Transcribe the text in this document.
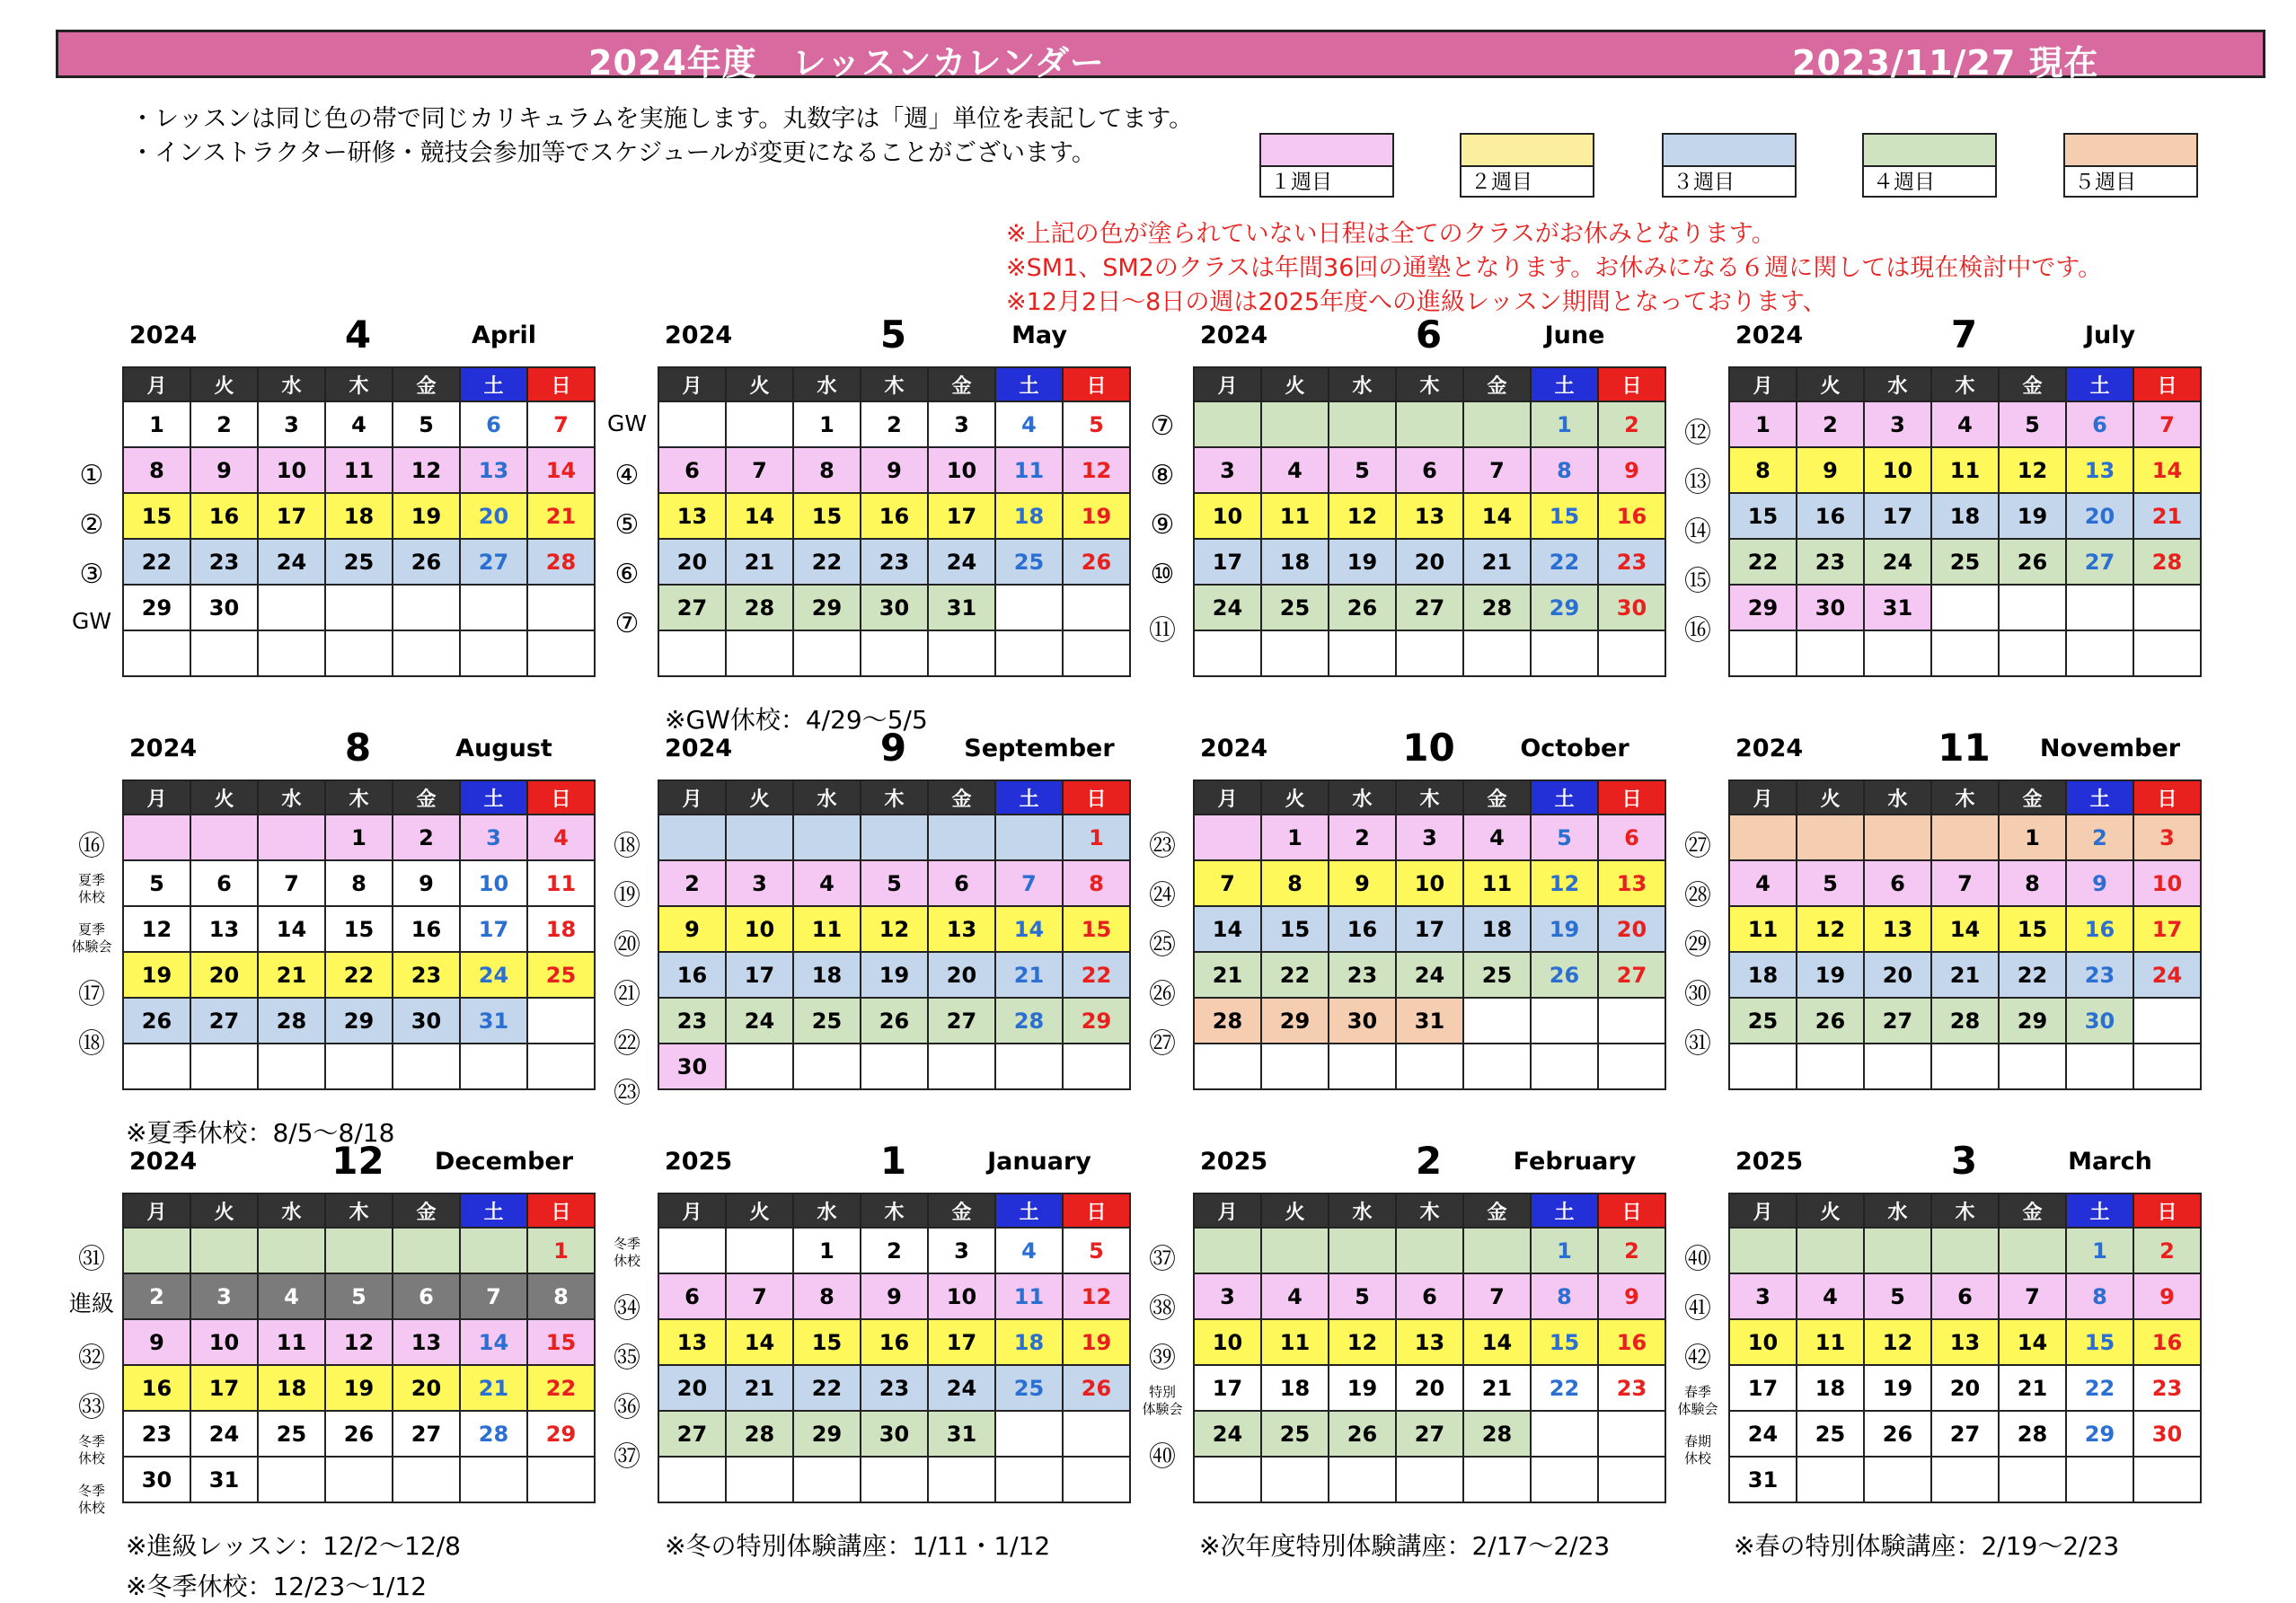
2024年度　レッスンカレンダー	2023/11/27 現在
・レッスンは同じ色の帯で同じカリキュラムを実施します。丸数字は「週」単位を表記してます。
・インストラクター研修・競技会参加等でスケジュールが変更になることがございます。
１週目	２週目	３週目	４週目	５週目
※上記の色が塗られていない日程は全てのクラスがお休みとなります。
※SM1、SM2のクラスは年間36回の通塾となります。お休みになる６週に関しては現在検討中です。
※12月2日〜8日の週は2025年度への進級レッスン期間となっております、
2024	4	April
月	火	水	木	金	土	日
1	2	3	4	5	6	7
8	9	10	11	12	13	14
15	16	17	18	19	20	21
22	23	24	25	26	27	28
29	30					

①
②
③
GW
2024	5	May
月	火	水	木	金	土	日
		1	2	3	4	5
6	7	8	9	10	11	12
13	14	15	16	17	18	19
20	21	22	23	24	25	26
27	28	29	30	31		

GW
④
⑤
⑥
⑦
2024	6	June
月	火	水	木	金	土	日
					1	2
3	4	5	6	7	8	9
10	11	12	13	14	15	16
17	18	19	20	21	22	23
24	25	26	27	28	29	30

⑦
⑧
⑨
⑩
⑪
2024	7	July
月	火	水	木	金	土	日
1	2	3	4	5	6	7
8	9	10	11	12	13	14
15	16	17	18	19	20	21
22	23	24	25	26	27	28
29	30	31				

⑫
⑬
⑭
⑮
⑯
2024	8	August
月	火	水	木	金	土	日
			1	2	3	4
5	6	7	8	9	10	11
12	13	14	15	16	17	18
19	20	21	22	23	24	25
26	27	28	29	30	31	

⑯
夏季
休校
夏季
体験会
⑰
⑱
2024	9	September
月	火	水	木	金	土	日
						1
2	3	4	5	6	7	8
9	10	11	12	13	14	15
16	17	18	19	20	21	22
23	24	25	26	27	28	29
30						
⑱
⑲
⑳
㉑
㉒
㉓
2024	10	October
月	火	水	木	金	土	日
	1	2	3	4	5	6
7	8	9	10	11	12	13
14	15	16	17	18	19	20
21	22	23	24	25	26	27
28	29	30	31			

㉓
㉔
㉕
㉖
㉗
2024	11	November
月	火	水	木	金	土	日
				1	2	3
4	5	6	7	8	9	10
11	12	13	14	15	16	17
18	19	20	21	22	23	24
25	26	27	28	29	30	

㉗
㉘
㉙
㉚
㉛
2024	12	December
月	火	水	木	金	土	日
						1
2	3	4	5	6	7	8
9	10	11	12	13	14	15
16	17	18	19	20	21	22
23	24	25	26	27	28	29
30	31					
㉛
進級
㉜
㉝
冬季
休校
冬季
休校
2025	1	January
月	火	水	木	金	土	日
		1	2	3	4	5
6	7	8	9	10	11	12
13	14	15	16	17	18	19
20	21	22	23	24	25	26
27	28	29	30	31		

冬季
休校
㉞
㉟
㊱
㊲
2025	2	February
月	火	水	木	金	土	日
					1	2
3	4	5	6	7	8	9
10	11	12	13	14	15	16
17	18	19	20	21	22	23
24	25	26	27	28		

㊲
㊳
㊴
特別
体験会
㊵
2025	3	March
月	火	水	木	金	土	日
					1	2
3	4	5	6	7	8	9
10	11	12	13	14	15	16
17	18	19	20	21	22	23
24	25	26	27	28	29	30
31						
㊵
㊶
㊷
春季
体験会
春期
休校
※GW休校：4/29〜5/5
※夏季休校：8/5〜8/18
※進級レッスン：12/2〜12/8
※冬季休校：12/23〜1/12
※冬の特別体験講座：1/11・1/12	※次年度特別体験講座：2/17〜2/23	※春の特別体験講座：2/19〜2/23
